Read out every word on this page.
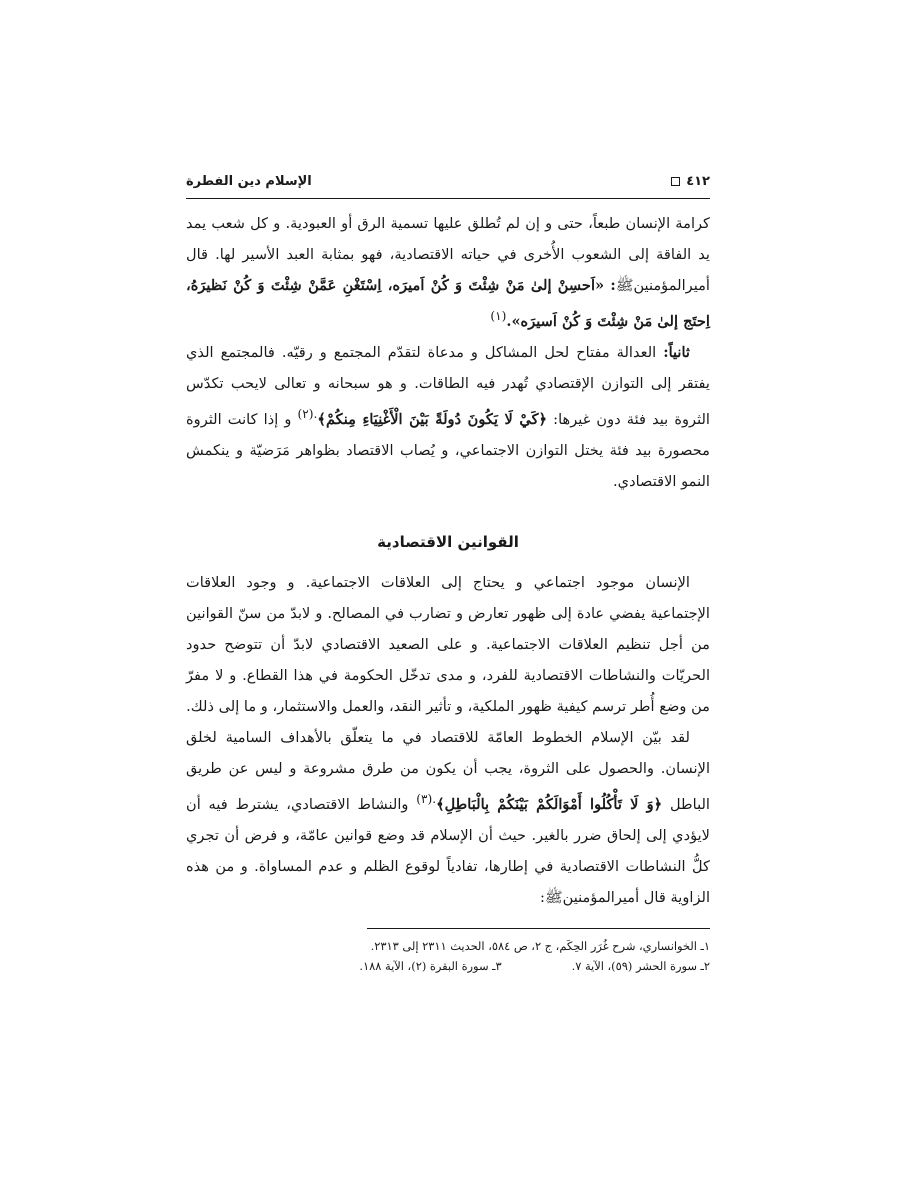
٤١٢
الإسلام دين الفطرة

كرامة الإنسان طبعاً، حتى و إن لم تُطلق عليها تسمية الرق أو العبودية. و كل شعب يمد يد الفاقة إلى الشعوب الأُخرى في حياته الاقتصادية، فهو بمثابة العبد الأسير لها. قال أميرالمؤمنينﷺ: «اَحسِنْ إلىٰ مَنْ شِئْتَ وَ كُنْ اَميرَه، اِسْتَغْنِ عَمَّنْ شِئْتَ وَ كُنْ نَظيرَهُ، اِحتَج إلىٰ مَنْ شِئْتَ وَ كُنْ اَسيرَه».$^{(١)}$

ثانياً: العدالة مفتاح لحل المشاكل و مدعاة لتقدّم المجتمع و رقيّه. فالمجتمع الذي يفتقر إلى التوازن الإقتصادي تُهدر فيه الطاقات. و هو سبحانه و تعالى لايحب تكدّس الثروة بيد فئة دون غيرها: ﴿كَيْ لَا يَكُونَ دُولَةً بَيْنَ الْأَغْنِيَاءِ مِنكُمْ﴾$^{.(٢)}$ و إذا كانت الثروة محصورة بيد فئة يختل التوازن الاجتماعي، و يُصاب الاقتصاد بظواهر مَرَضيّة و ينكمش النمو الاقتصادي.

القوانين الاقتصادية

الإنسان موجود اجتماعي و يحتاج إلى العلاقات الاجتماعية. و وجود العلاقات الإجتماعية يفضي عادة إلى ظهور تعارض و تضارب في المصالح. و لابدّ من سنّ القوانين من أجل تنظيم العلاقات الاجتماعية. و على الصعيد الاقتصادي لابدّ أن تتوضح حدود الحريّات والنشاطات الاقتصادية للفرد، و مدى تدخّل الحكومة في هذا القطاع. و لا مفرّ من وضع أُطر ترسم كيفية ظهور الملكية، و تأثير النقد، والعمل والاستثمار، و ما إلى ذلك.

لقد بيّن الإسلام الخطوط العامّة للاقتصاد في ما يتعلّق بالأهداف السامية لخلق الإنسان. والحصول على الثروة، يجب أن يكون من طرق مشروعة و ليس عن طريق الباطل ﴿وَ لَا تَأْكُلُوا أَمْوَالَكُمْ بَيْنَكُمْ بِالْبَاطِلِ﴾$^{.(٣)}$ والنشاط الاقتصادي، يشترط فيه أن لايؤدي إلى إلحاق ضرر بالغير. حيث أن الإسلام قد وضع قوانين عامّة، و فرض أن تجري كلُّ النشاطات الاقتصادية في إطارها، تفادياً لوقوع الظلم و عدم المساواة. و من هذه الزاوية قال أميرالمؤمنينﷺ:

١ـ الخوانساري، شرح غُرَر الحِكَم، ج ٢، ص ٥٨٤، الحديث ٢٣١١ إلى ٢٣١٣.
٢ـ سورة الحشر (٥٩)، الآية ٧.
٣ـ سورة البقرة (٢)، الآية ١٨٨.
